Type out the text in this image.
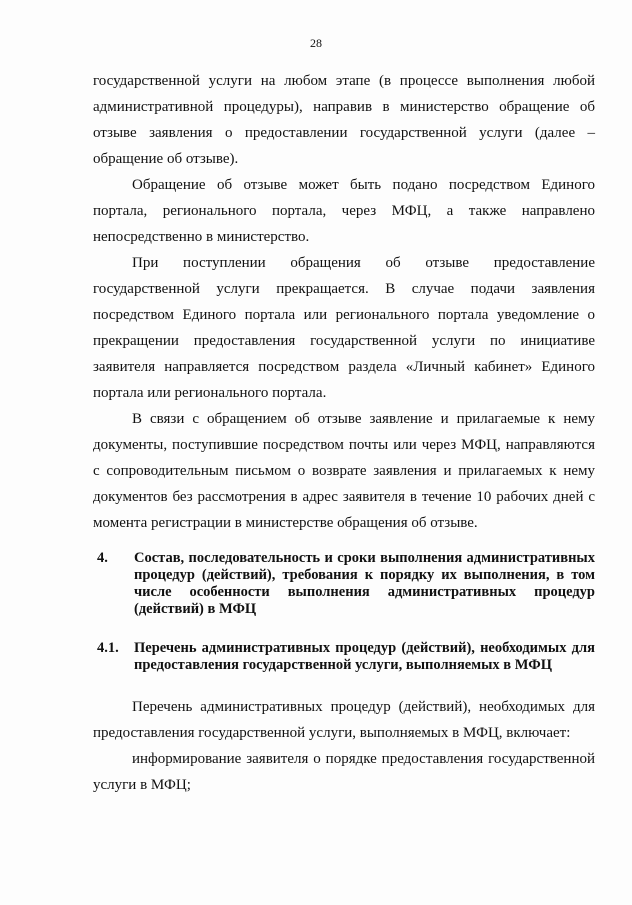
28

государственной услуги на любом этапе (в процессе выполнения любой административной процедуры), направив в министерство обращение об отзыве заявления о предоставлении государственной услуги (далее – обращение об отзыве).

Обращение об отзыве может быть подано посредством Единого портала, регионального портала, через МФЦ, а также направлено непосредственно в министерство.

При поступлении обращения об отзыве предоставление государственной услуги прекращается. В случае подачи заявления посредством Единого портала или регионального портала уведомление о прекращении предоставления государственной услуги по инициативе заявителя направляется посредством раздела «Личный кабинет» Единого портала или регионального портала.

В связи с обращением об отзыве заявление и прилагаемые к нему документы, поступившие посредством почты или через МФЦ, направляются с сопроводительным письмом о возврате заявления и прилагаемых к нему документов без рассмотрения в адрес заявителя в течение 10 рабочих дней с момента регистрации в министерстве обращения об отзыве.

4.	Состав, последовательность и сроки выполнения административных процедур (действий), требования к порядку их выполнения, в том числе особенности выполнения административных процедур (действий) в МФЦ
4.1.	Перечень административных процедур (действий), необходимых для предоставления государственной услуги, выполняемых в МФЦ

Перечень административных процедур (действий), необходимых для предоставления государственной услуги, выполняемых в МФЦ, включает:

информирование заявителя о порядке предоставления государственной услуги в МФЦ;
